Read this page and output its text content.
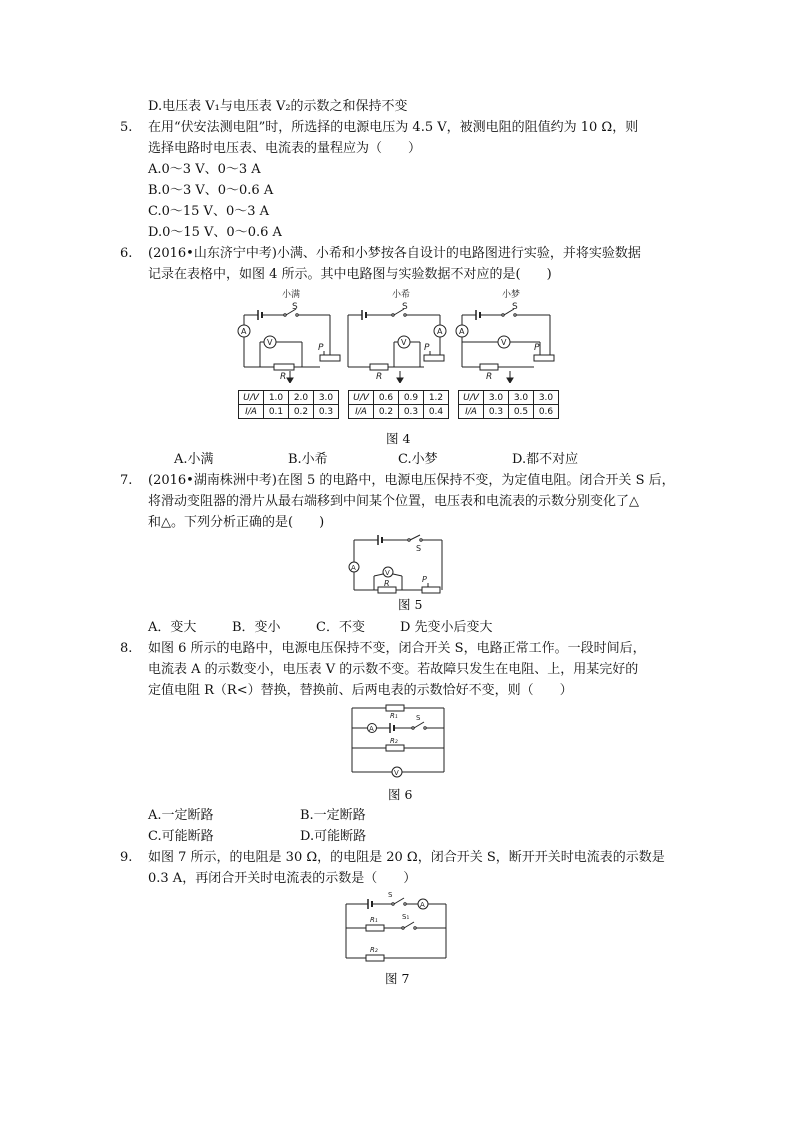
D.电压表 V₁与电压表 V₂的示数之和保持不变
5. 在用“伏安法测电阻”时，所选择的电源电压为 4.5 V，被测电阻的阻值约为 10 Ω，则
选择电路时电压表、电流表的量程应为（　　）
A.0～3 V、0～3 A
B.0～3 V、0～0.6 A
C.0～15 V、0～3 A
D.0～15 V、0～0.6 A
6. (2016•山东济宁中考)小满、小希和小梦按各自设计的电路图进行实验，并将实验数据
记录在表格中，如图 4 所示。其中电路图与实验数据不对应的是(　　)
小满
S
A
P
R
V
小希
S
A
P
R
V
小梦
S
A
P
R
V
U/V	1.0	2.0	3.0
I/A	0.1	0.2	0.3
U/V	0.6	0.9	1.2
I/A	0.2	0.3	0.4
U/V	3.0	3.0	3.0
I/A	0.3	0.5	0.6
图 4
A.小满	B.小希	C.小梦	D.都不对应
7. (2016•湖南株洲中考)在图 5 的电路中，电源电压保持不变，为定值电阻。闭合开关 S 后，
将滑动变阻器的滑片从最右端移到中间某个位置，电压表和电流表的示数分别变化了△
和△。下列分析正确的是(　　)
S
A
R	P
V
图 5
A．变大	B．变小	C．不变	D 先变小后变大
8. 如图 6 所示的电路中，电源电压保持不变，闭合开关 S，电路正常工作。一段时间后，
电流表 A 的示数变小，电压表 V 的示数不变。若故障只发生在电阻、上，用某完好的
定值电阻 R（R<）替换，替换前、后两电表的示数恰好不变，则（　　）
R₁
A
S
R₂
V
图 6
A.一定断路	B.一定断路
C.可能断路	D.可能断路
9. 如图 7 所示，的电阻是 30 Ω，的电阻是 20 Ω，闭合开关 S，断开开关时电流表的示数是
0.3 A，再闭合开关时电流表的示数是（　　）
S
A
R₁	S₁
R₂
图 7
